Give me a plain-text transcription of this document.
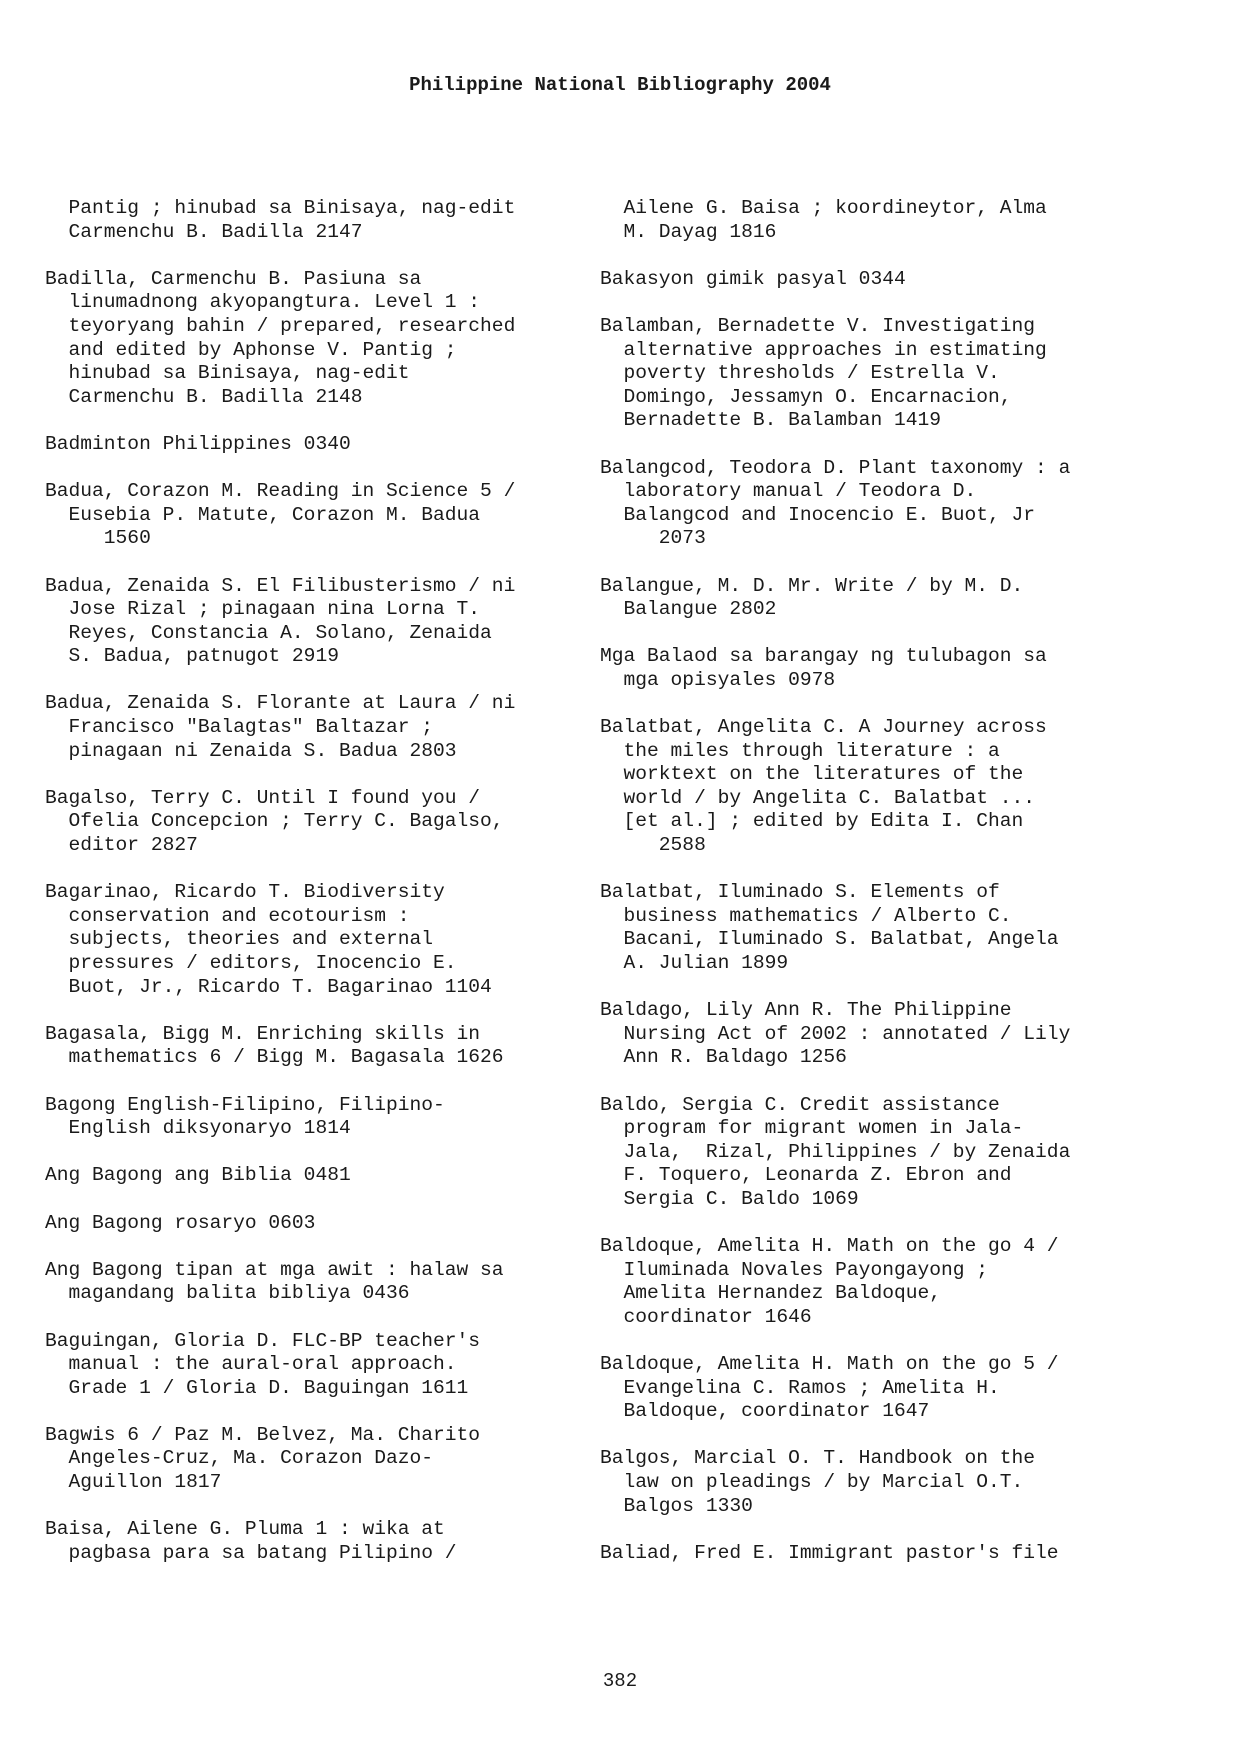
Philippine National Bibliography 2004
Pantig ; hinubad sa Binisaya, nag-edit
Carmenchu B. Badilla 2147
Badilla, Carmenchu B. Pasiuna sa
linumadnong akyopangtura. Level 1 :
teyoryang bahin / prepared, researched
and edited by Aphonse V. Pantig ;
hinubad sa Binisaya, nag-edit
Carmenchu B. Badilla 2148
Badminton Philippines 0340
Badua, Corazon M. Reading in Science 5 /
Eusebia P. Matute, Corazon M. Badua
1560
Badua, Zenaida S. El Filibusterismo / ni
Jose Rizal ; pinagaan nina Lorna T.
Reyes, Constancia A. Solano, Zenaida
S. Badua, patnugot 2919
Badua, Zenaida S. Florante at Laura / ni
Francisco "Balagtas" Baltazar ;
pinagaan ni Zenaida S. Badua 2803
Bagalso, Terry C. Until I found you /
Ofelia Concepcion ; Terry C. Bagalso,
editor 2827
Bagarinao, Ricardo T. Biodiversity
conservation and ecotourism :
subjects, theories and external
pressures / editors, Inocencio E.
Buot, Jr., Ricardo T. Bagarinao 1104
Bagasala, Bigg M. Enriching skills in
mathematics 6 / Bigg M. Bagasala 1626
Bagong English-Filipino, Filipino-
English diksyonaryo 1814
Ang Bagong ang Biblia 0481
Ang Bagong rosaryo 0603
Ang Bagong tipan at mga awit : halaw sa
magandang balita bibliya 0436
Baguingan, Gloria D. FLC-BP teacher's
manual : the aural-oral approach.
Grade 1 / Gloria D. Baguingan 1611
Bagwis 6 / Paz M. Belvez, Ma. Charito
Angeles-Cruz, Ma. Corazon Dazo-
Aguillon 1817
Baisa, Ailene G. Pluma 1 : wika at
pagbasa para sa batang Pilipino /
Ailene G. Baisa ; koordineytor, Alma
M. Dayag 1816
Bakasyon gimik pasyal 0344
Balamban, Bernadette V. Investigating
alternative approaches in estimating
poverty thresholds / Estrella V.
Domingo, Jessamyn O. Encarnacion,
Bernadette B. Balamban 1419
Balangcod, Teodora D. Plant taxonomy : a
laboratory manual / Teodora D.
Balangcod and Inocencio E. Buot, Jr
2073
Balangue, M. D. Mr. Write / by M. D.
Balangue 2802
Mga Balaod sa barangay ng tulubagon sa
mga opisyales 0978
Balatbat, Angelita C. A Journey across
the miles through literature : a
worktext on the literatures of the
world / by Angelita C. Balatbat ...
[et al.] ; edited by Edita I. Chan
2588
Balatbat, Iluminado S. Elements of
business mathematics / Alberto C.
Bacani, Iluminado S. Balatbat, Angela
A. Julian 1899
Baldago, Lily Ann R. The Philippine
Nursing Act of 2002 : annotated / Lily
Ann R. Baldago 1256
Baldo, Sergia C. Credit assistance
program for migrant women in Jala-
Jala,  Rizal, Philippines / by Zenaida
F. Toquero, Leonarda Z. Ebron and
Sergia C. Baldo 1069
Baldoque, Amelita H. Math on the go 4 /
Iluminada Novales Payongayong ;
Amelita Hernandez Baldoque,
coordinator 1646
Baldoque, Amelita H. Math on the go 5 /
Evangelina C. Ramos ; Amelita H.
Baldoque, coordinator 1647
Balgos, Marcial O. T. Handbook on the
law on pleadings / by Marcial O.T.
Balgos 1330
Baliad, Fred E. Immigrant pastor's file
382
